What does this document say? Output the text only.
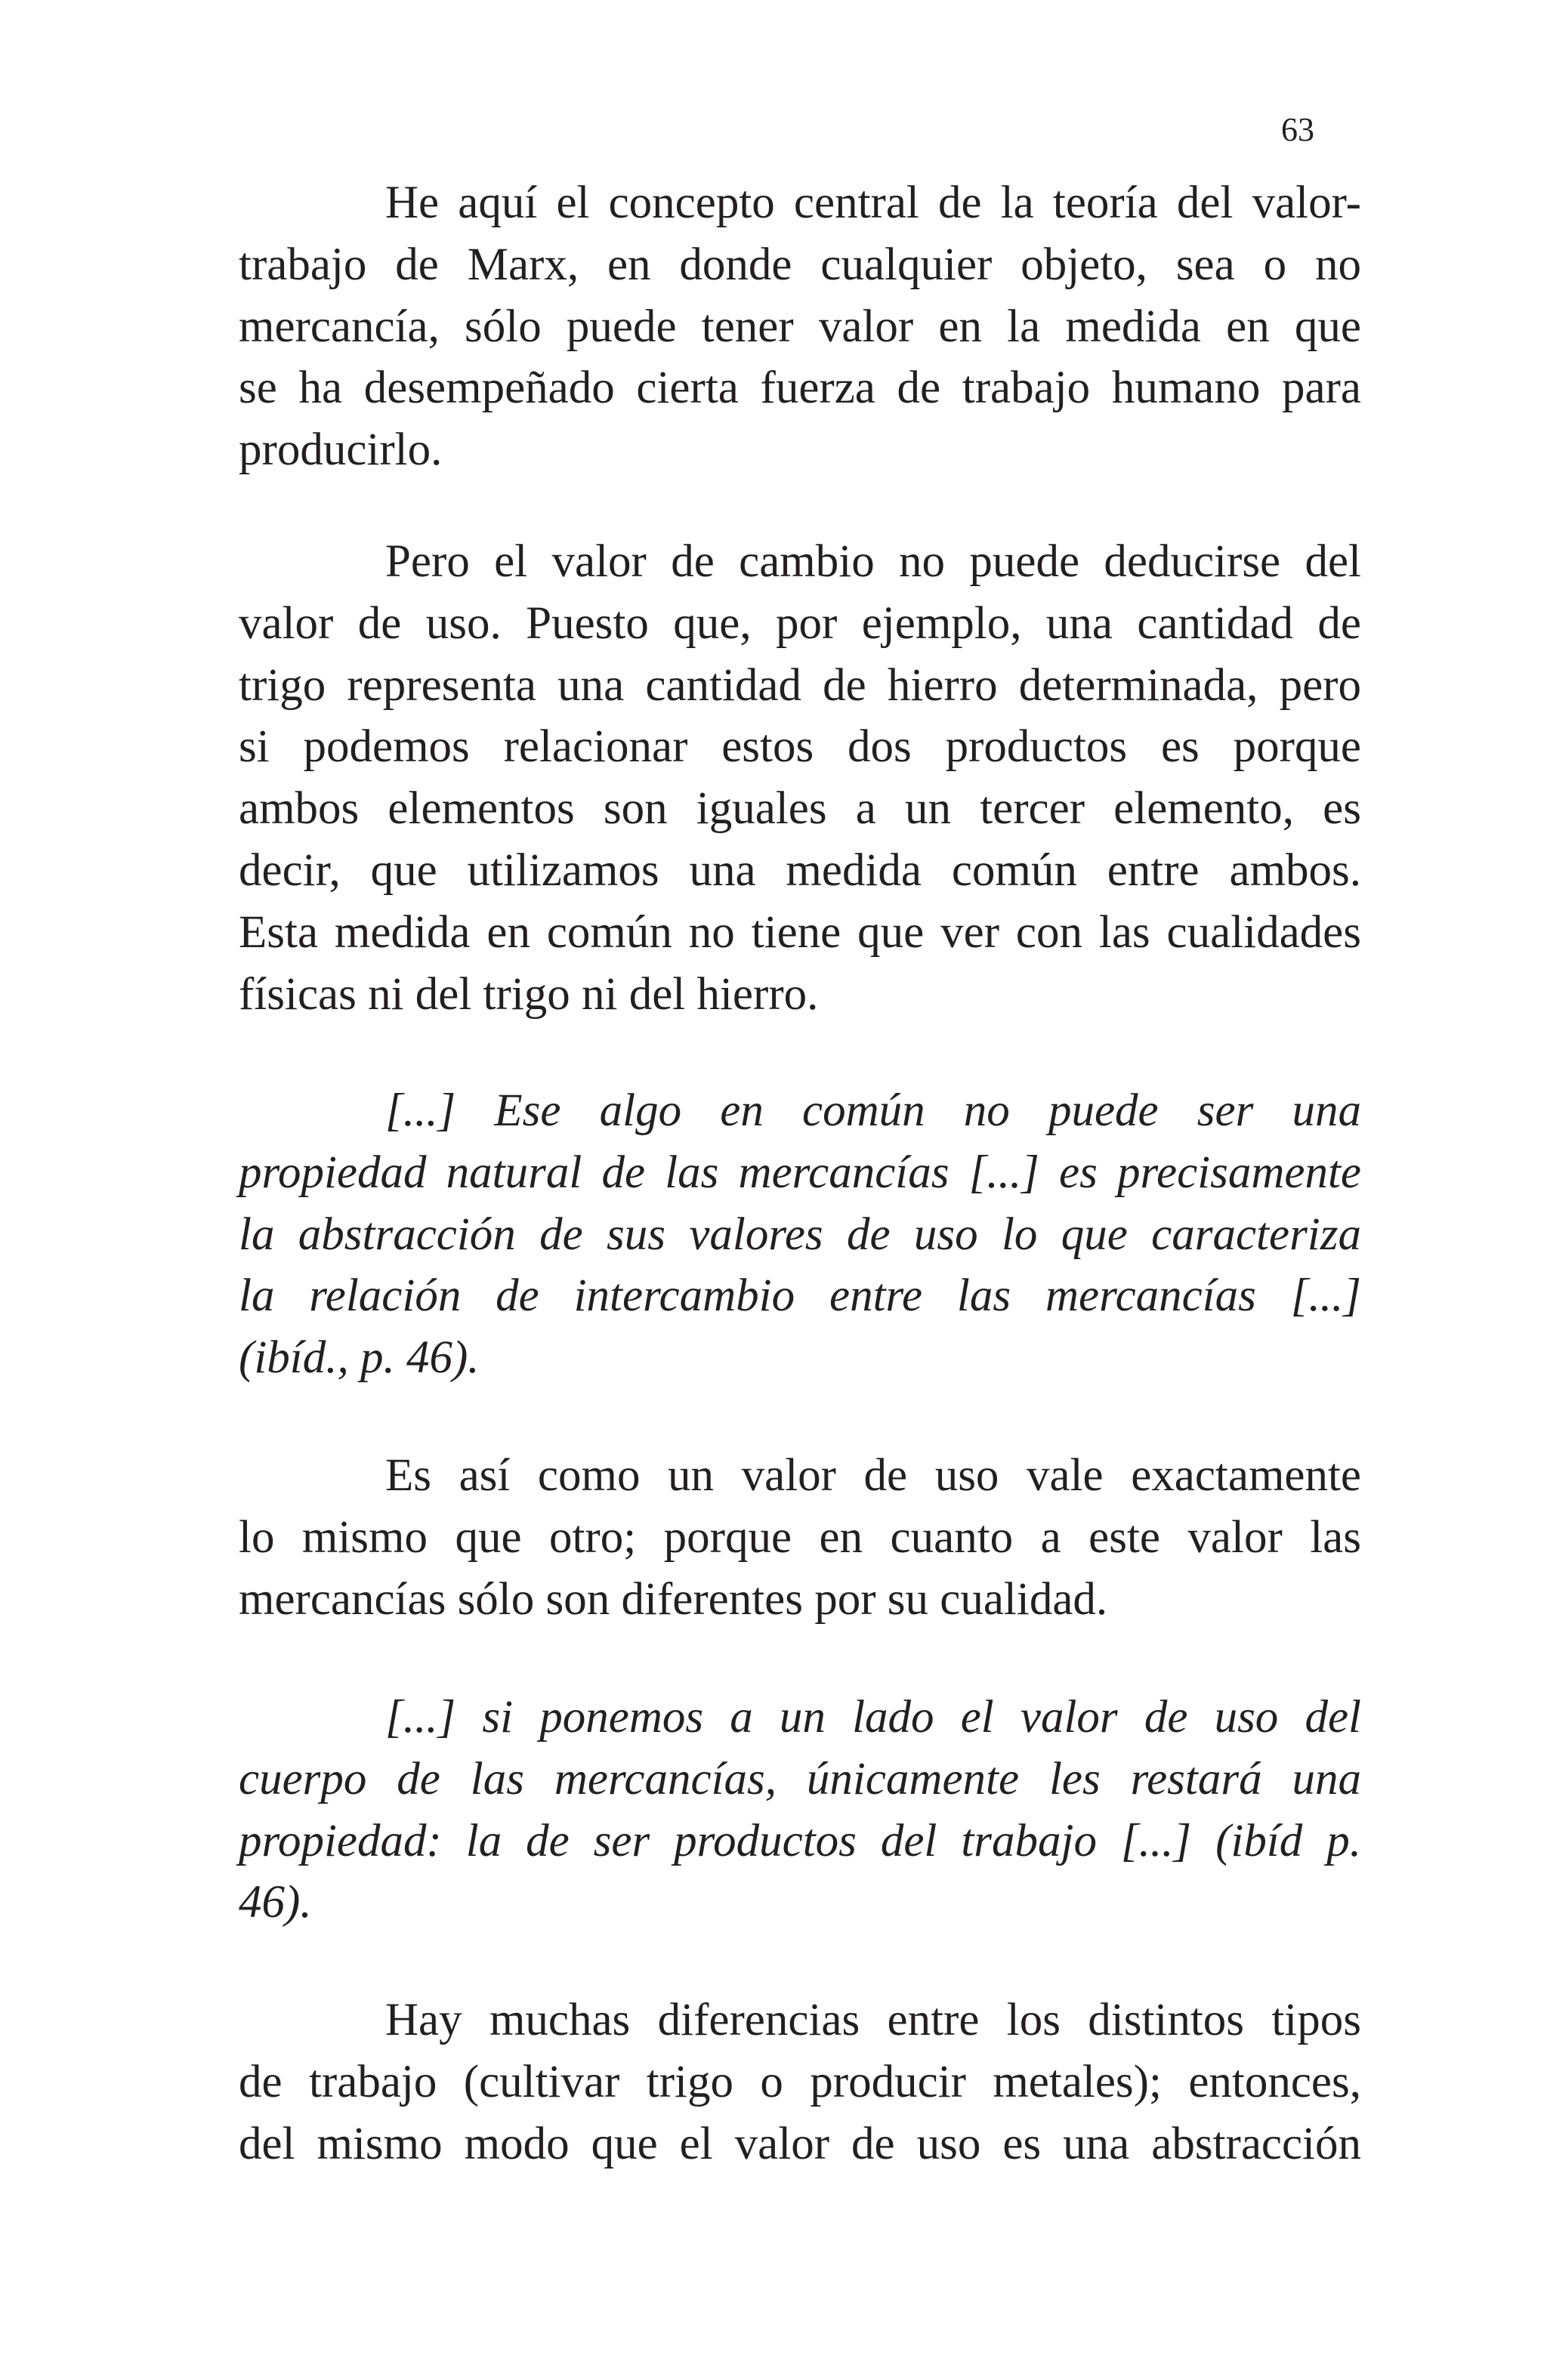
63

He aquí el concepto central de la teoría del valor-
trabajo de Marx, en donde cualquier objeto, sea o no
mercancía, sólo puede tener valor en la medida en que
se ha desempeñado cierta fuerza de trabajo humano para
producirlo.
Pero el valor de cambio no puede deducirse del
valor de uso. Puesto que, por ejemplo, una cantidad de
trigo representa una cantidad de hierro determinada, pero
si podemos relacionar estos dos productos es porque
ambos elementos son iguales a un tercer elemento, es
decir, que utilizamos una medida común entre ambos.
Esta medida en común no tiene que ver con las cualidades
físicas ni del trigo ni del hierro.
[...] Ese algo en común no puede ser una
propiedad natural de las mercancías [...] es precisamente
la abstracción de sus valores de uso lo que caracteriza
la relación de intercambio entre las mercancías [...]
(ibíd., p. 46).
Es así como un valor de uso vale exactamente
lo mismo que otro; porque en cuanto a este valor las
mercancías sólo son diferentes por su cualidad.
[...] si ponemos a un lado el valor de uso del
cuerpo de las mercancías, únicamente les restará una
propiedad: la de ser productos del trabajo [...] (ibíd p.
46).
Hay muchas diferencias entre los distintos tipos
de trabajo (cultivar trigo o producir metales); entonces,
del mismo modo que el valor de uso es una abstracción
